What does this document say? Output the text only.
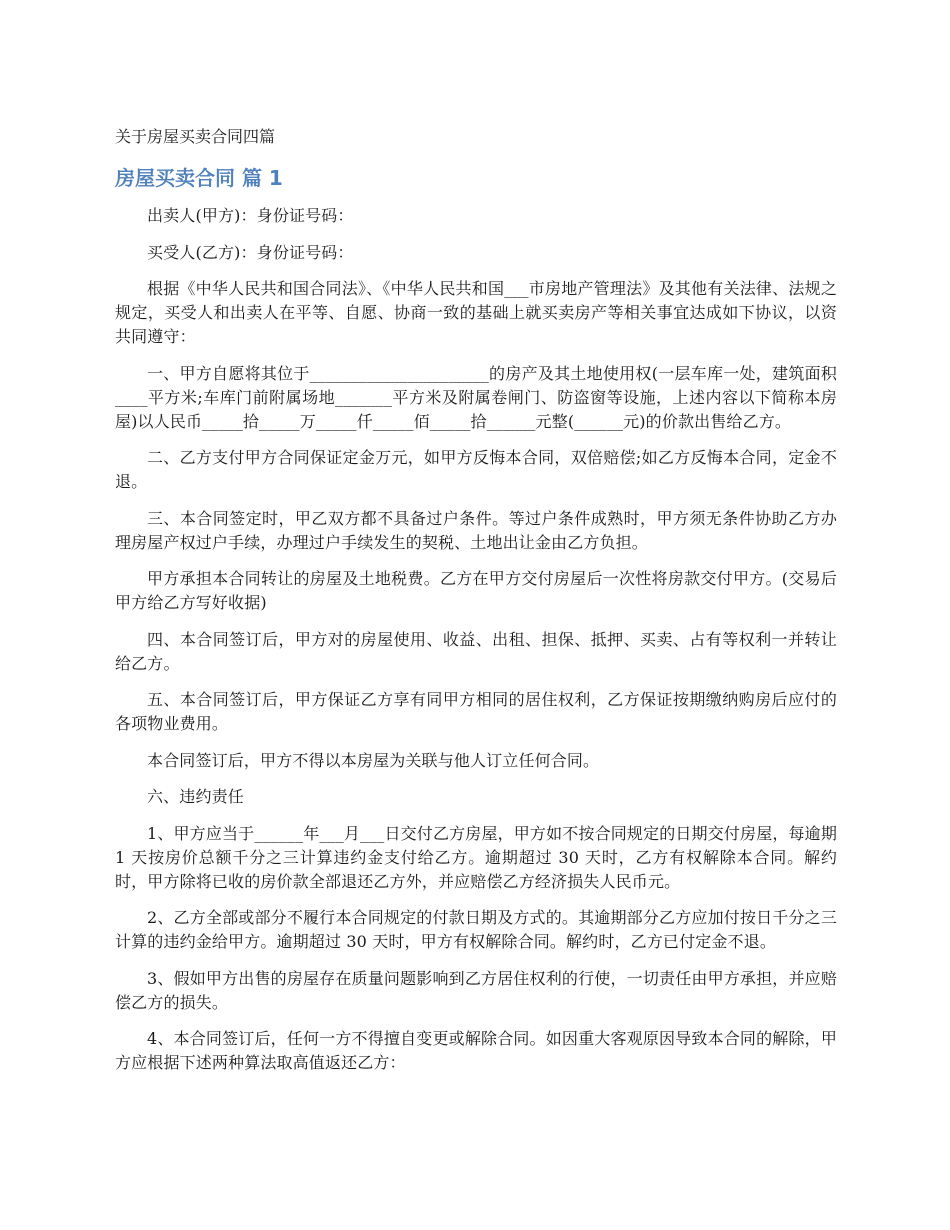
关于房屋买卖合同四篇
房屋买卖合同 篇 1

出卖人(甲方)：身份证号码：

买受人(乙方)：身份证号码：

根据《中华人民共和国合同法》、《中华人民共和国___市房地产管理法》及其他有关法律、法规之规定，买受人和出卖人在平等、自愿、协商一致的基础上就买卖房产等相关事宜达成如下协议，以资共同遵守：

一、甲方自愿将其位于______________________的房产及其土地使用权(一层车库一处，建筑面积____平方米;车库门前附属场地_______平方米及附属卷闸门、防盗窗等设施，上述内容以下简称本房屋)以人民币_____拾_____万_____仟_____佰_____拾______元整(______元)的价款出售给乙方。

二、乙方支付甲方合同保证定金万元，如甲方反悔本合同，双倍赔偿;如乙方反悔本合同，定金不退。

三、本合同签定时，甲乙双方都不具备过户条件。等过户条件成熟时，甲方须无条件协助乙方办理房屋产权过户手续，办理过户手续发生的契税、土地出让金由乙方负担。

甲方承担本合同转让的房屋及土地税费。乙方在甲方交付房屋后一次性将房款交付甲方。(交易后甲方给乙方写好收据)

四、本合同签订后，甲方对的房屋使用、收益、出租、担保、抵押、买卖、占有等权利一并转让给乙方。

五、本合同签订后，甲方保证乙方享有同甲方相同的居住权利，乙方保证按期缴纳购房后应付的各项物业费用。

本合同签订后，甲方不得以本房屋为关联与他人订立任何合同。

六、违约责任

1、甲方应当于______年___月___日交付乙方房屋，甲方如不按合同规定的日期交付房屋，每逾期 1 天按房价总额千分之三计算违约金支付给乙方。逾期超过 30 天时，乙方有权解除本合同。解约时，甲方除将已收的房价款全部退还乙方外，并应赔偿乙方经济损失人民币元。

2、乙方全部或部分不履行本合同规定的付款日期及方式的。其逾期部分乙方应加付按日千分之三计算的违约金给甲方。逾期超过 30 天时，甲方有权解除合同。解约时，乙方已付定金不退。

3、假如甲方出售的房屋存在质量问题影响到乙方居住权利的行使，一切责任由甲方承担，并应赔偿乙方的损失。

4、本合同签订后，任何一方不得擅自变更或解除合同。如因重大客观原因导致本合同的解除，甲方应根据下述两种算法取高值返还乙方：
